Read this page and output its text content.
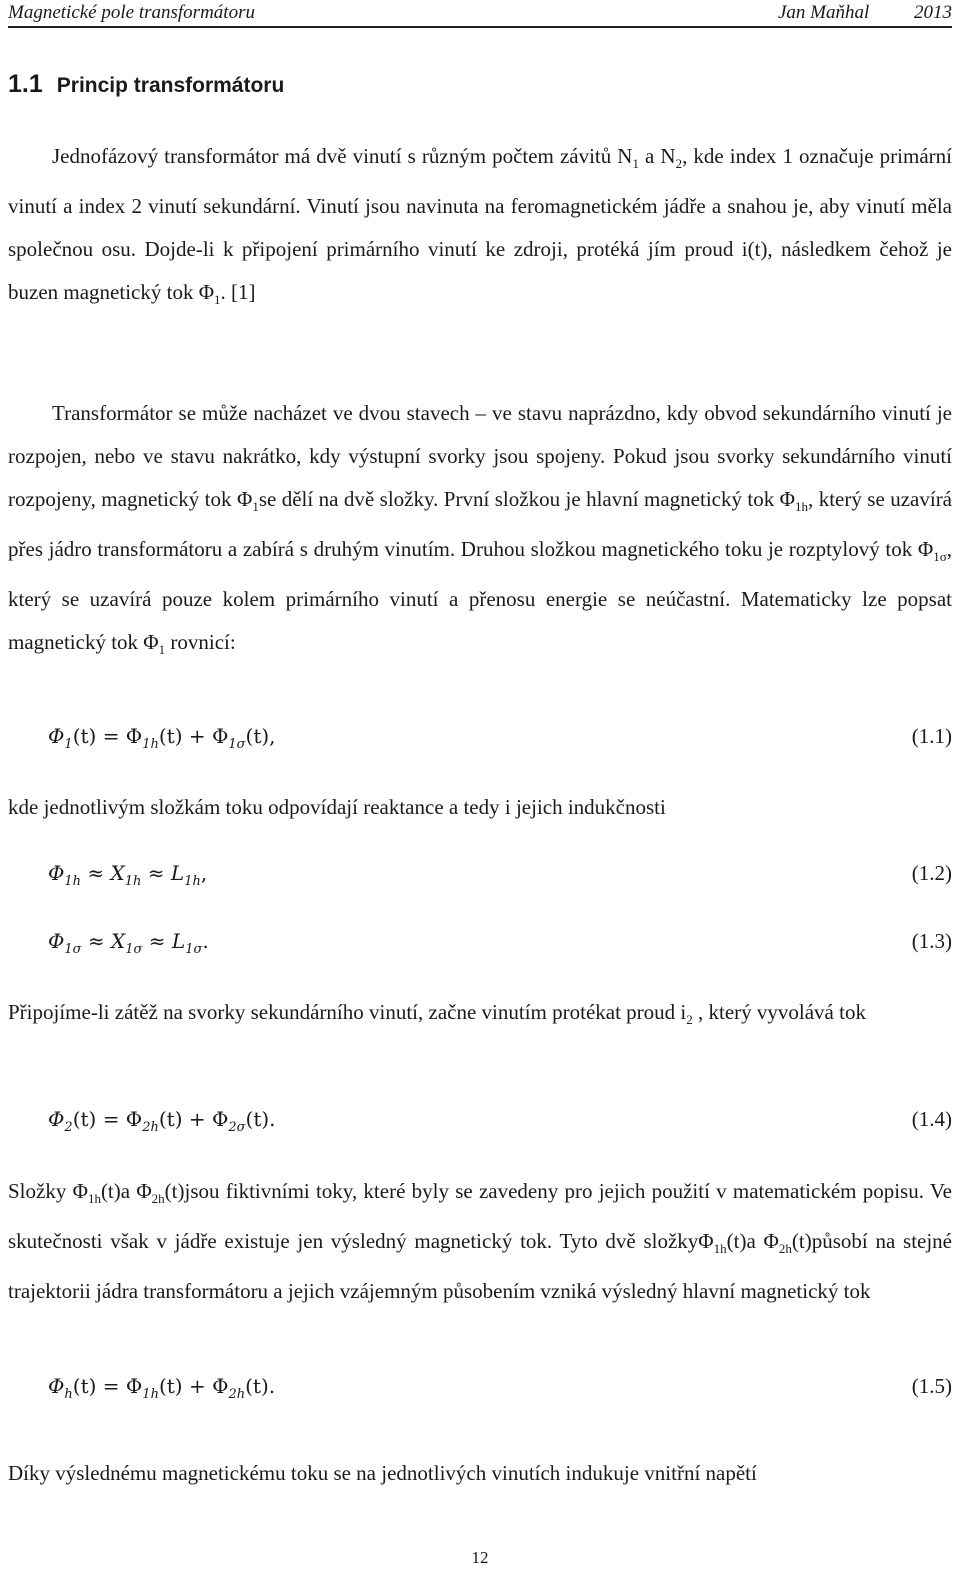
Magnetické pole transformátoru	Jan Maňhal 2013
1.1 Princip transformátoru

Jednofázový transformátor má dvě vinutí s různým počtem závitů $N_1$ a $N_2$, kde index 1 označuje primární vinutí a index 2 vinutí sekundární. Vinutí jsou navinuta na feromagnetickém jádře a snahou je, aby vinutí měla společnou osu. Dojde-li k připojení primárního vinutí ke zdroji, protéká jím proud i(t), následkem čehož je buzen magnetický tok $\Phi_1$. [1]

Transformátor se může nacházet ve dvou stavech – ve stavu naprázdno, kdy obvod sekundárního vinutí je rozpojen, nebo ve stavu nakrátko, kdy výstupní svorky jsou spojeny. Pokud jsou svorky sekundárního vinutí rozpojeny, magnetický tok $\Phi_1se$ dělí na dvě složky. První složkou je hlavní magnetický tok $\Phi_{1h}$, který se uzavírá přes jádro transformátoru a zabírá s druhým vinutím. Druhou složkou magnetického toku je rozptylový tok $\Phi_{1\sigma}$, který se uzavírá pouze kolem primárního vinutí a přenosu energie se neúčastní. Matematicky lze popsat magnetický tok $\Phi_1$ rovnicí:

$\Phi_1(t) = \Phi_{1h}(t) + \Phi_{1\sigma}(t)$,	(1.1)

kde jednotlivým složkám toku odpovídají reaktance a tedy i jejich indukčnosti

$\Phi_{1h} \approx X_{1h} \approx L_{1h}$,	(1.2)
$\Phi_{1\sigma} \approx X_{1\sigma} \approx L_{1\sigma}$.	(1.3)

Připojíme-li zátěž na svorky sekundárního vinutí, začne vinutím protékat proud $i_2$ , který vyvolává tok

$\Phi_2(t) = \Phi_{2h}(t) + \Phi_{2\sigma}(t)$.	(1.4)

Složky $\Phi_{1h}(t)a$ $\Phi_{2h}(t)jsou$ fiktivními toky, které byly se zavedeny pro jejich použití v matematickém popisu. Ve skutečnosti však v jádře existuje jen výsledný magnetický tok. Tyto dvě složkyΦ$_{1h}$(t)a $\Phi_{2h}(t)působí$ na stejné trajektorii jádra transformátoru a jejich vzájemným působením vzniká výsledný hlavní magnetický tok

$\Phi_h(t) = \Phi_{1h}(t) + \Phi_{2h}(t)$.	(1.5)

Díky výslednému magnetickému toku se na jednotlivých vinutích indukuje vnitřní napětí

12
